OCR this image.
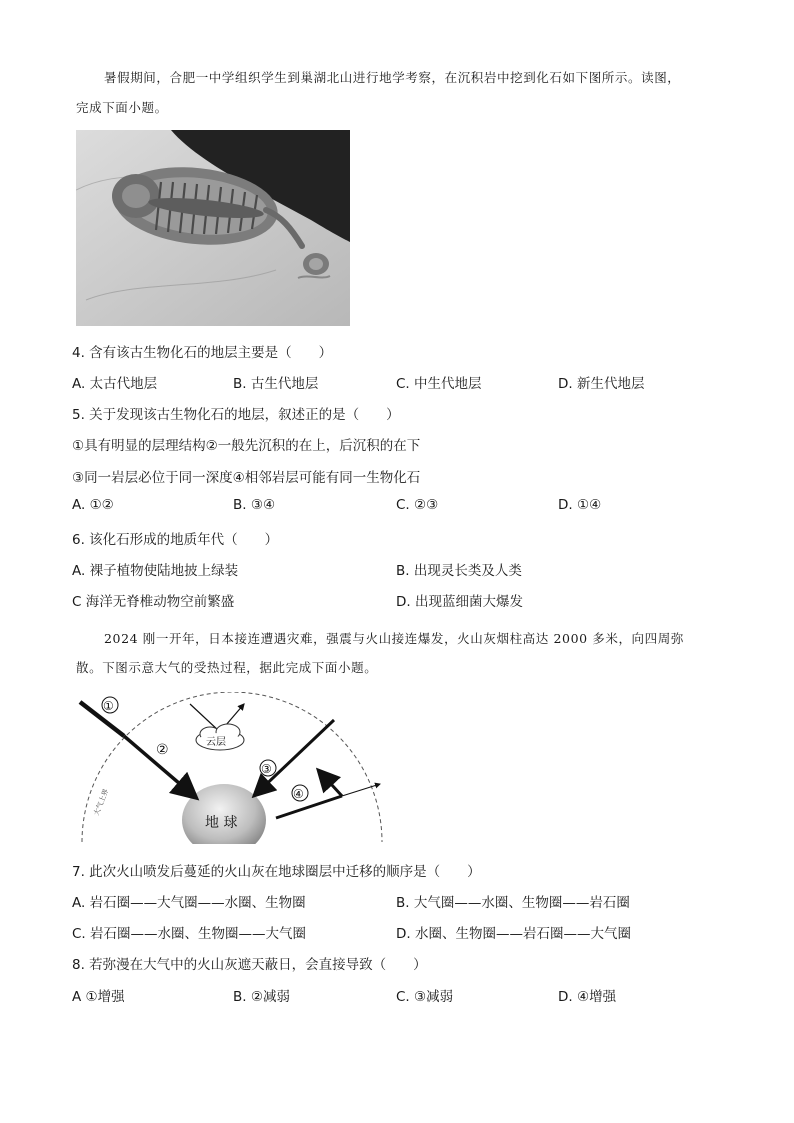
暑假期间，合肥一中学组织学生到巢湖北山进行地学考察，在沉积岩中挖到化石如下图所示。读图，
完成下面小题。
4. 含有该古生物化石的地层主要是（　　）
A. 太古代地层	B. 古生代地层	C. 中生代地层	D. 新生代地层
5. 关于发现该古生物化石的地层，叙述正的是（　　）
①具有明显的层理结构②一般先沉积的在上，后沉积的在下
③同一岩层必位于同一深度④相邻岩层可能有同一生物化石
A. ①②	B. ③④	C. ②③	D. ①④
6. 该化石形成的地质年代（　　）
A. 裸子植物使陆地披上绿装	B. 出现灵长类及人类
C 海洋无脊椎动物空前繁盛	D. 出现蓝细菌大爆发
2024 刚一开年，日本接连遭遇灾难，强震与火山接连爆发，火山灰烟柱高达 2000 多米，向四周弥
散。下图示意大气的受热过程，据此完成下面小题。
大气上界
地 球
①
②	云层
③
④
7. 此次火山喷发后蔓延的火山灰在地球圈层中迁移的顺序是（　　）
A. 岩石圈——大气圈——水圈、生物圈	B. 大气圈——水圈、生物圈——岩石圈
C. 岩石圈——水圈、生物圈——大气圈	D. 水圈、生物圈——岩石圈——大气圈
8. 若弥漫在大气中的火山灰遮天蔽日，会直接导致（　　）
A ①增强	B. ②减弱	C. ③减弱	D. ④增强
